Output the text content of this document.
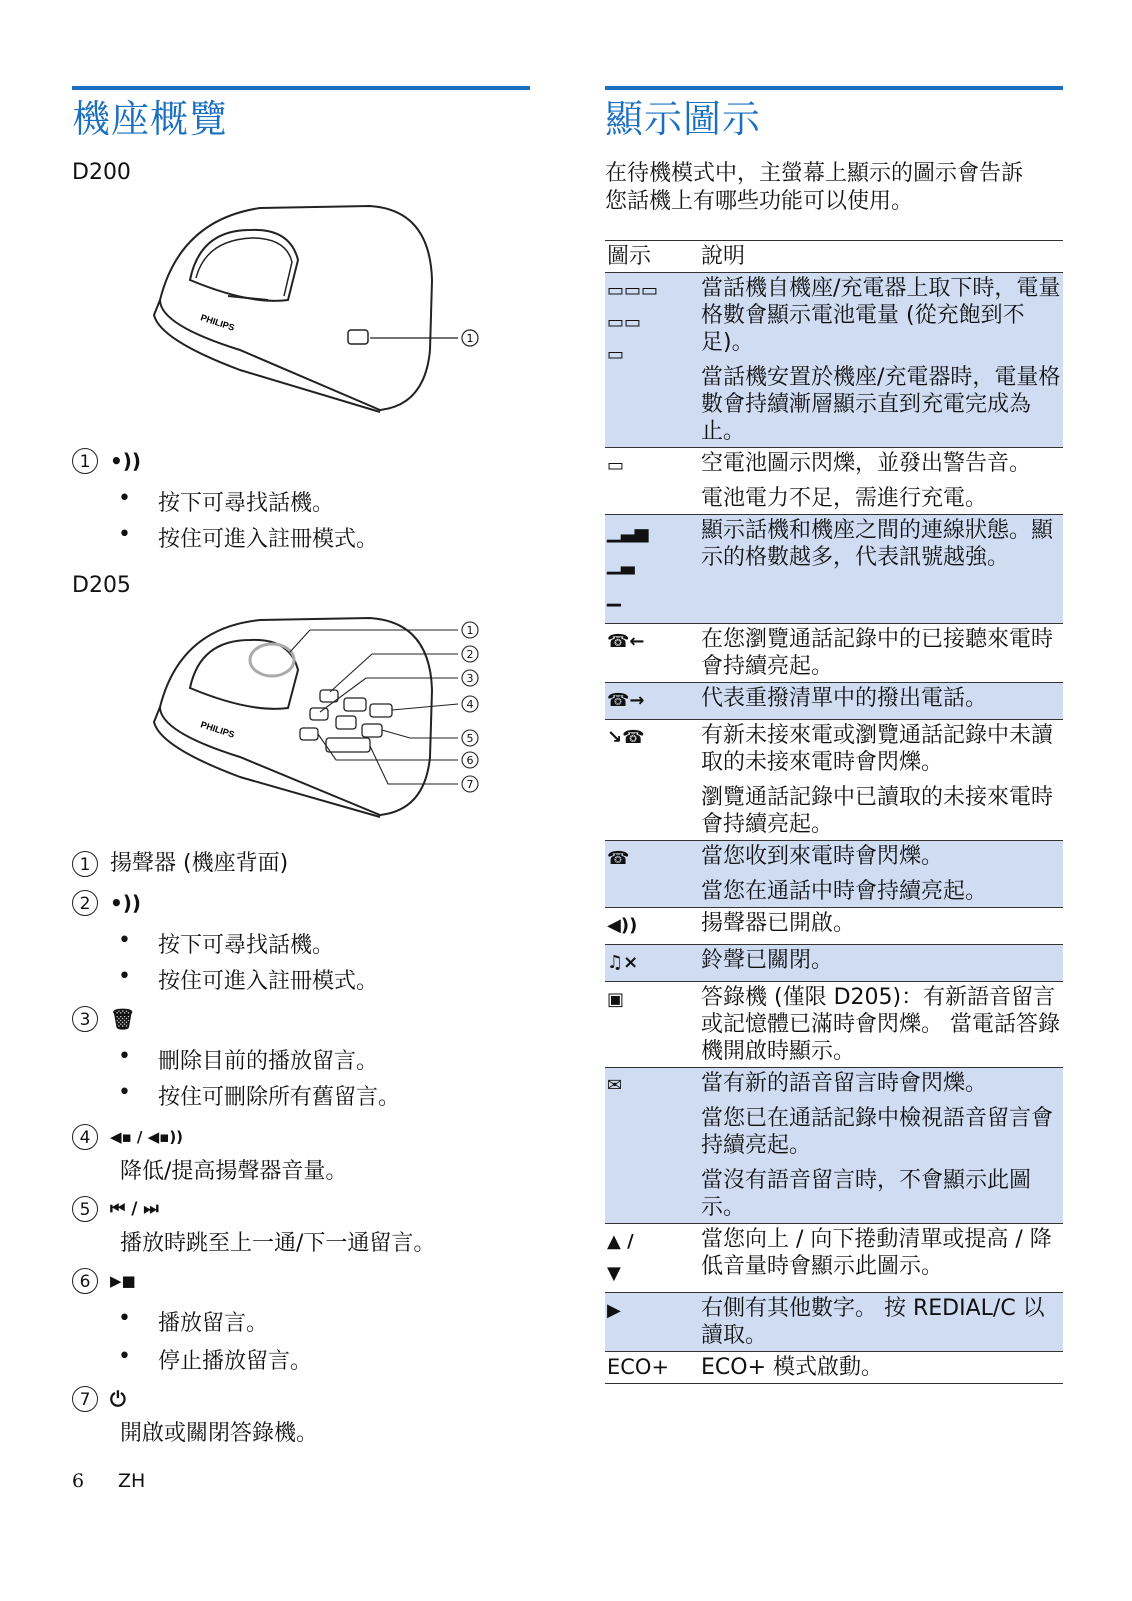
機座概覽
D200
PHILIPS
1
1 •))
• 按下可尋找話機。
• 按住可進入註冊模式。
D205
PHILIPS
1
2
3
4
5
6
7
1 揚聲器 (機座背面)
2 •))
• 按下可尋找話機。
• 按住可進入註冊模式。
3 🗑
• 刪除目前的播放留言。
• 按住可刪除所有舊留言。
4 ◀▪ / ◀▪))
降低/提高揚聲器音量。
5 ⏮ / ⏭
播放時跳至上一通/下一通留言。
6 ▶■
• 播放留言。
• 停止播放留言。
7 ⏻
開啟或關閉答錄機。
顯示圖示
在待機模式中，主螢幕上顯示的圖示會告訴您話機上有哪些功能可以使用。
圖示	說明

▭▭▭
▭▭
▭	當話機自機座/充電器上取下時，電量格數會顯示電池電量 (從充飽到不足)。
當話機安置於機座/充電器時，電量格數會持續漸層顯示直到充電完成為止。

▭	空電池圖示閃爍，並發出警告音。
電池電力不足，需進行充電。

▁▃▅
▁▃
▁	顯示話機和機座之間的連線狀態。顯示的格數越多，代表訊號越強。

☎←	在您瀏覽通話記錄中的已接聽來電時會持續亮起。

☎→	代表重撥清單中的撥出電話。

↘☎	有新未接來電或瀏覽通話記錄中未讀取的未接來電時會閃爍。
瀏覽通話記錄中已讀取的未接來電時會持續亮起。

☎	當您收到來電時會閃爍。
當您在通話中時會持續亮起。

◀))	揚聲器已開啟。

♫×	鈴聲已關閉。

▣	答錄機 (僅限 D205)：有新語音留言或記憶體已滿時會閃爍。 當電話答錄機開啟時顯示。

✉	當有新的語音留言時會閃爍。
當您已在通話記錄中檢視語音留言會持續亮起。
當沒有語音留言時，不會顯示此圖示。

▲ /
▼	當您向上 / 向下捲動清單或提高 / 降低音量時會顯示此圖示。

▶	右側有其他數字。 按 REDIAL/C 以讀取。

ECO+	ECO+ 模式啟動。
6 ZH
